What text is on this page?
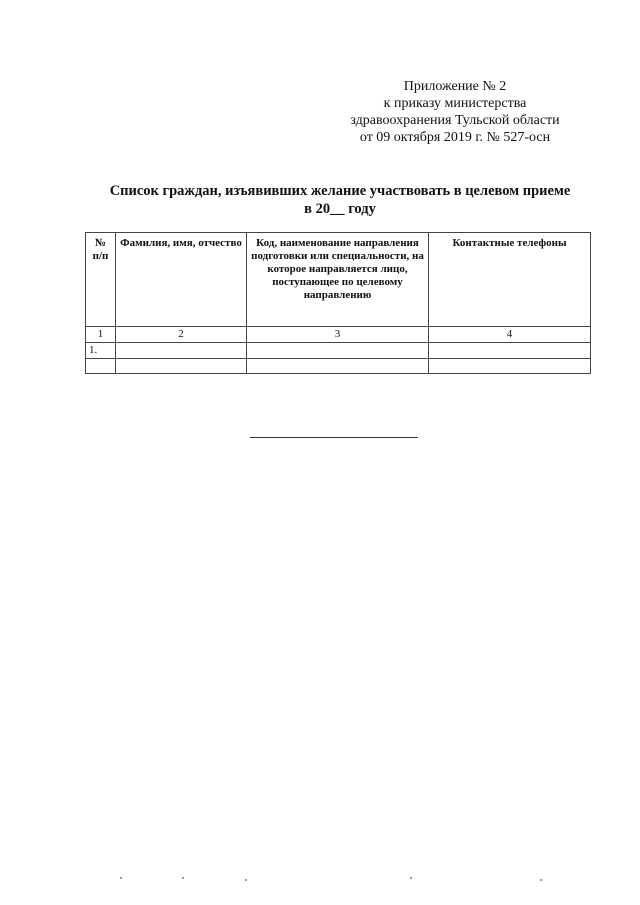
Приложение № 2
к приказу министерства
здравоохранения Тульской области
от 09 октября 2019 г. № 527-осн
Список граждан, изъявивших желание участвовать в целевом приеме
в 20__ году
№ п/п	Фамилия, имя, отчество	Код, наименование направления подготовки или специальности, на которое направляется лицо, поступающее по целевому направлению	Контактные телефоны
1	2	3	4
1.			
